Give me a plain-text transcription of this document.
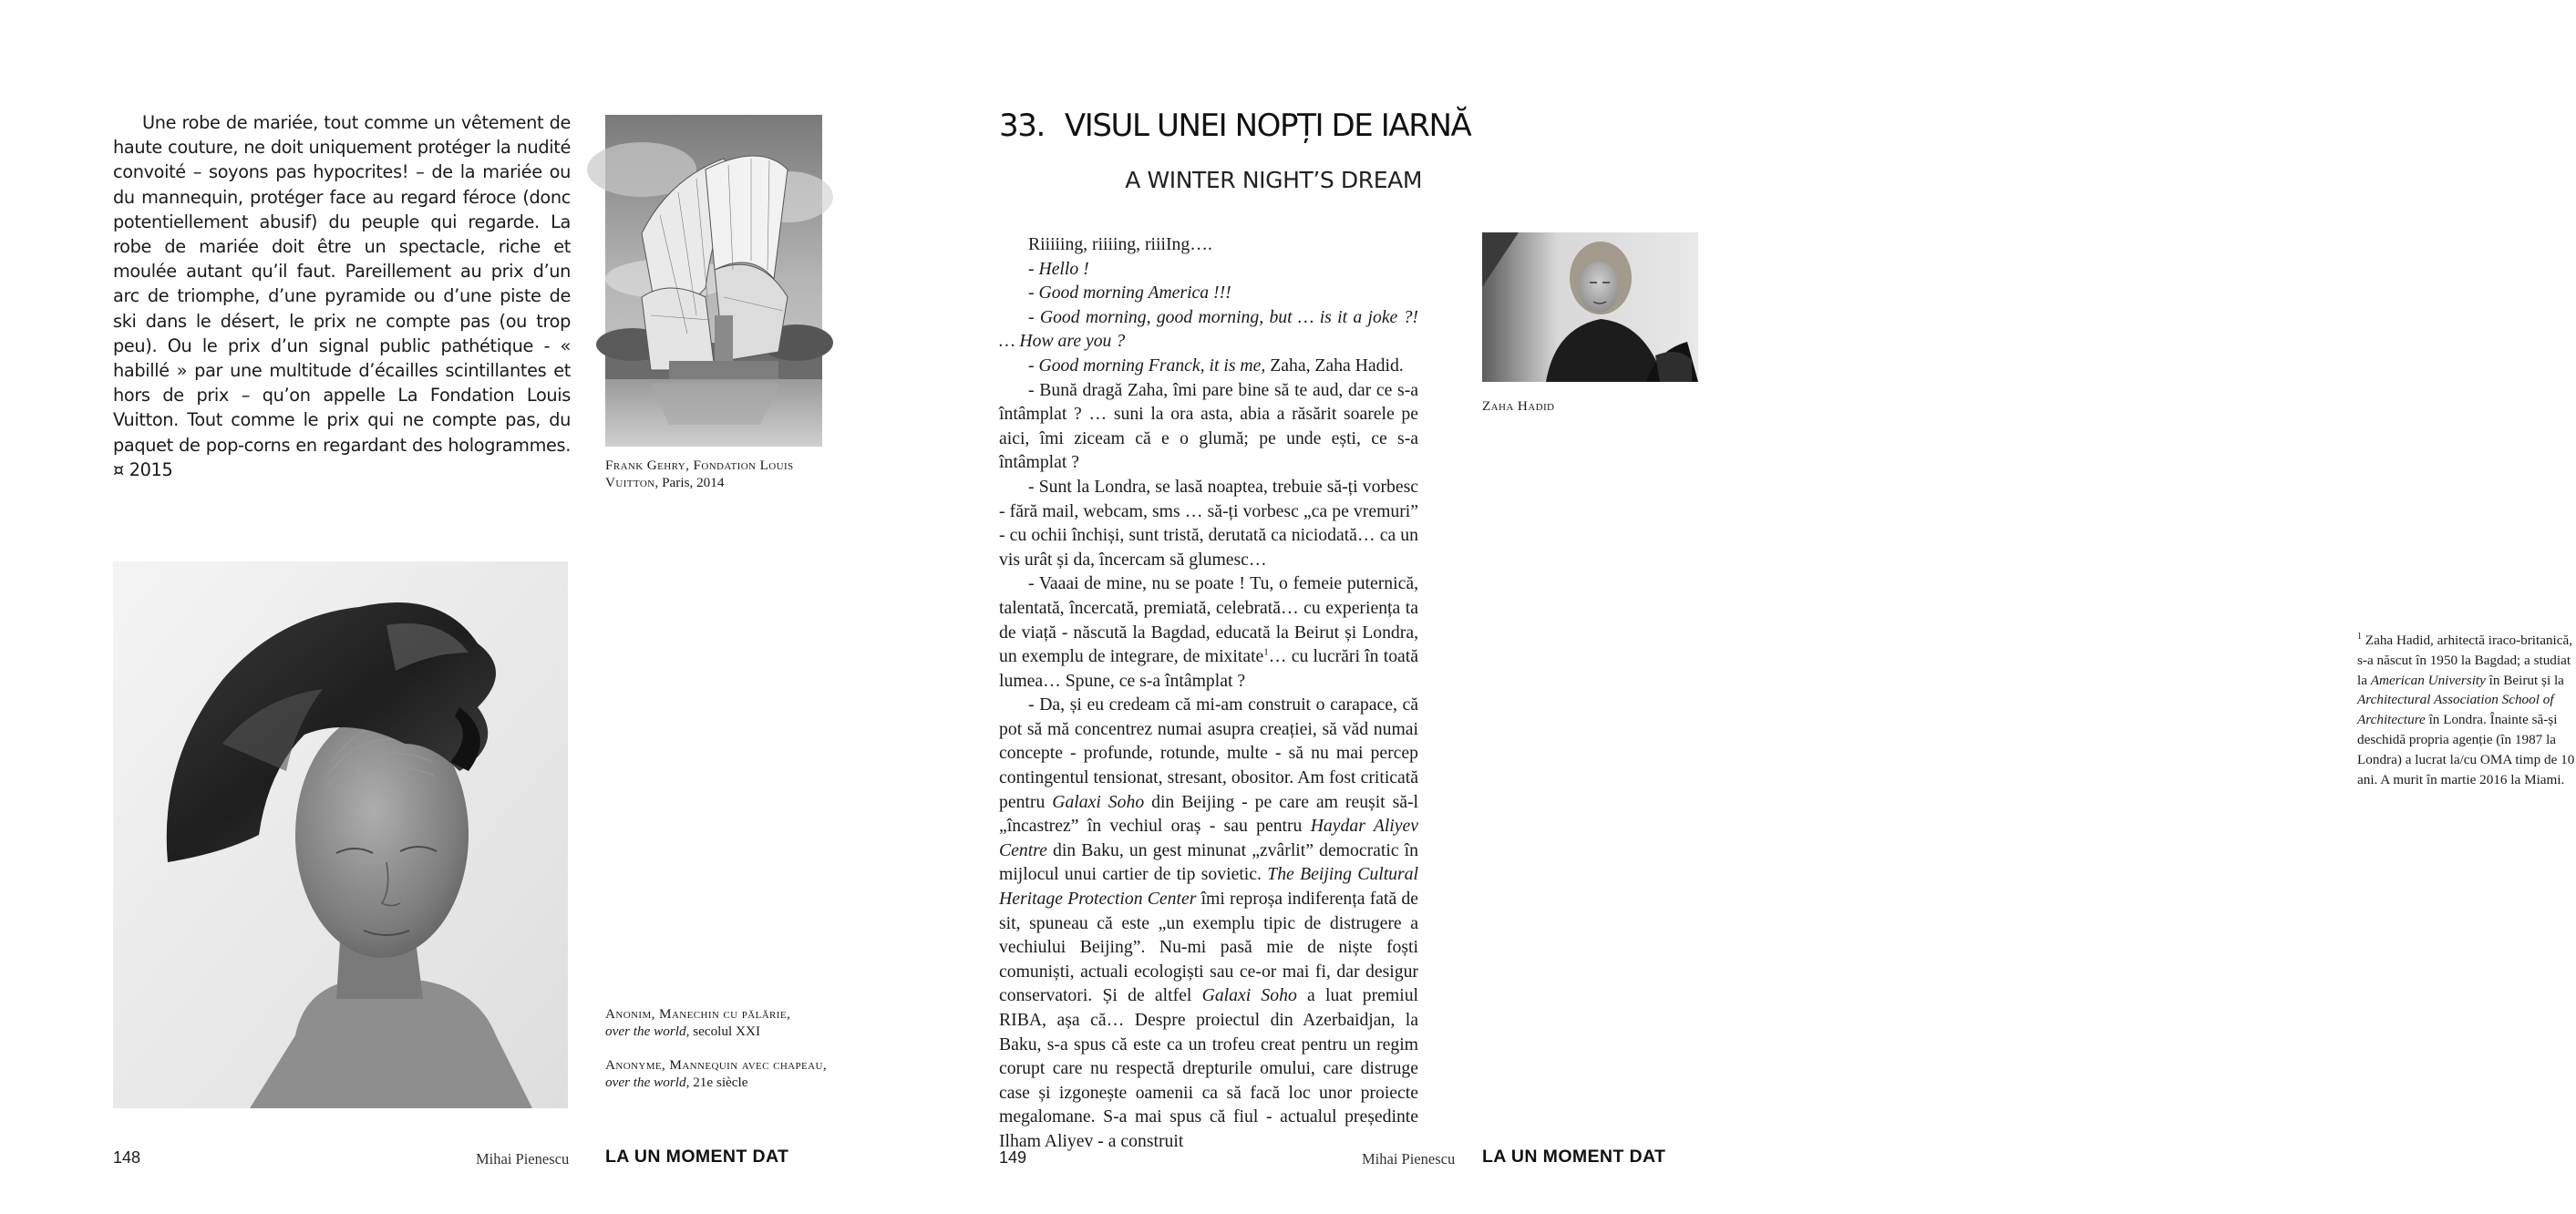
Une robe de mariée, tout comme un vêtement de haute couture, ne doit uniquement protéger la nudité convoité – soyons pas hypocrites! – de la mariée ou du mannequin, protéger face au regard féroce (donc potentiellement abusif) du peuple qui regarde. La robe de mariée doit être un spectacle, riche et moulée autant qu’il faut. Pareillement au prix d’un arc de triomphe, d’une pyramide ou d’une piste de ski dans le désert, le prix ne compte pas (ou trop peu). Ou le prix d’un signal public pathétique - « habillé » par une multitude d’écailles scintillantes et hors de prix – qu’on appelle La Fondation Louis Vuitton. Tout comme le prix qui ne compte pas, du paquet de pop-corns en regardant des hologrammes. ¤ 2015	Frank Gehry, Fondation Louis Vuitton, Paris, 2014
Anonim, Manechin cu pălărie,
over the world, secolul XXI
Anonyme, Mannequin avec chapeau, over the world, 21e siècle
148	Mihai Pienescu LA UN MOMENT DAT
33. VISUL UNEI NOPȚI DE IARNĂ
A WINTER NIGHT’S DREAM

Riiiiing, riiiing, riiiIng….

- Hello !

- Good morning America !!!

- Good morning, good morning, but … is it a joke ?! … How are you ?

- Good morning Franck, it is me, Zaha, Zaha Hadid.

- Bună dragă Zaha, îmi pare bine să te aud, dar ce s-a întâmplat ? … suni la ora asta, abia a răsărit soarele pe aici, îmi ziceam că e o glumă; pe unde ești, ce s-a întâmplat ?

- Sunt la Londra, se lasă noaptea, trebuie să-ți vorbesc - fără mail, webcam, sms … să-ți vorbesc „ca pe vremuri” - cu ochii închiși, sunt tristă, derutată ca niciodată… ca un vis urât și da, încercam să glumesc…

- Vaaai de mine, nu se poate ! Tu, o femeie puternică, talentată, încercată, premiată, celebrată… cu experiența ta de viață - născută la Bagdad, educată la Beirut și Londra, un exemplu de integrare, de mixitate$^1$… cu lucrări în toată lumea… Spune, ce s-a întâmplat ?

- Da, și eu credeam că mi-am construit o carapace, că pot să mă concentrez numai asupra creației, să văd numai concepte - profunde, rotunde, multe - să nu mai percep contingentul tensionat, stresant, obositor. Am fost criticată pentru Galaxi Soho din Beijing - pe care am reușit să-l „încastrez” în vechiul oraș - sau pentru Haydar Aliyev Centre din Baku, un gest minunat „zvârlit” democratic în mijlocul unui cartier de tip sovietic. The Beijing Cultural Heritage Protection Center îmi reproșa indiferența fată de sit, spuneau că este „un exemplu tipic de distrugere a vechiului Beijing”. Nu-mi pasă mie de niște foști comuniști, actuali ecologiști sau ce-or mai fi, dar desigur conservatori. Și de altfel Galaxi Soho a luat premiul RIBA, așa că… Despre proiectul din Azerbaidjan, la Baku, s-a spus că este ca un trofeu creat pentru un regim corupt care nu respectă drepturile omului, care distruge case și izgonește oamenii ca să facă loc unor proiecte megalomane. S-a mai spus că fiul - actualul președinte Ilham Aliyev - a construit

Zaha Hadid
$^1$ Zaha Hadid, arhitectă iraco-britanică, s-a născut în 1950 la Bagdad; a studiat la American University în Beirut și la Architectural Association School of Architecture în Londra. Înainte să-și deschidă propria agenție (în 1987 la Londra) a lucrat la/cu OMA timp de 10 ani. A murit în martie 2016 la Miami.
149	Mihai Pienescu LA UN MOMENT DAT
